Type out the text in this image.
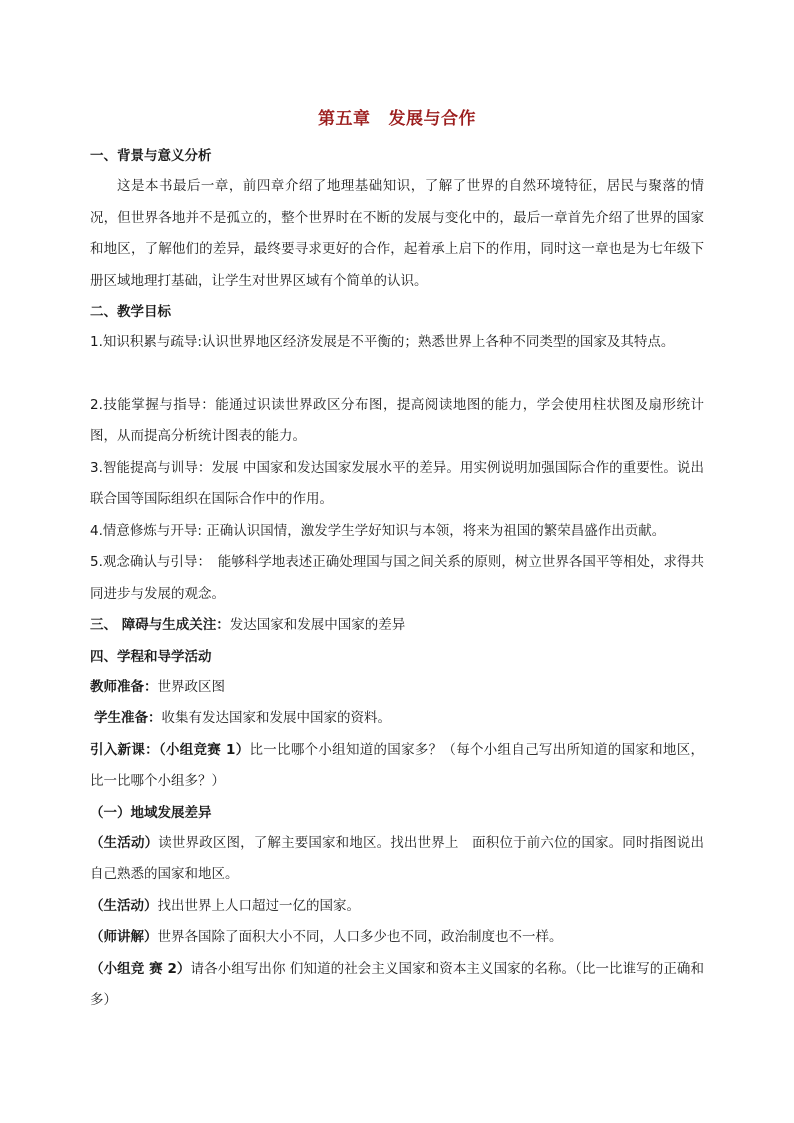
第五章 发展与合作

一、背景与意义分析

这是本书最后一章，前四章介绍了地理基础知识，了解了世界的自然环境特征，居民与聚落的情况，但世界各地并不是孤立的，整个世界时在不断的发展与变化中的，最后一章首先介绍了世界的国家和地区，了解他们的差异，最终要寻求更好的合作，起着承上启下的作用，同时这一章也是为七年级下册区域地理打基础，让学生对世界区域有个简单的认识。

二、教学目标

1.知识积累与疏导:认识世界地区经济发展是不平衡的；熟悉世界上各种不同类型的国家及其特点。

2.技能掌握与指导：能通过识读世界政区分布图，提高阅读地图的能力，学会使用柱状图及扇形统计图，从而提高分析统计图表的能力。

3.智能提高与训导：发展 中国家和发达国家发展水平的差异。用实例说明加强国际合作的重要性。说出联合国等国际组织在国际合作中的作用。

4.情意修炼与开导: 正确认识国情，激发学生学好知识与本领，将来为祖国的繁荣昌盛作出贡献。

5.观念确认与引导：　能够科学地表述正确处理国与国之间关系的原则，树立世界各国平等相处，求得共同进步与发展的观念。

三、 障碍与生成关注：发达国家和发展中国家的差异

四、学程和导学活动

教师准备：世界政区图

学生准备：收集有发达国家和发展中国家的资料。

引入新课：（小组竞赛 1）比一比哪个小组知道的国家多？（每个小组自己写出所知道的国家和地区，比一比哪个小组多？）

（一）地域发展差异

（生活动）读世界政区图，了解主要国家和地区。找出世界上　面积位于前六位的国家。同时指图说出自己熟悉的国家和地区。

（生活动）找出世界上人口超过一亿的国家。

（师讲解）世界各国除了面积大小不同，人口多少也不同，政治制度也不一样。

（小组竞 赛 2）请各小组写出你 们知道的社会主义国家和资本主义国家的名称。（比一比谁写的正确和多）
